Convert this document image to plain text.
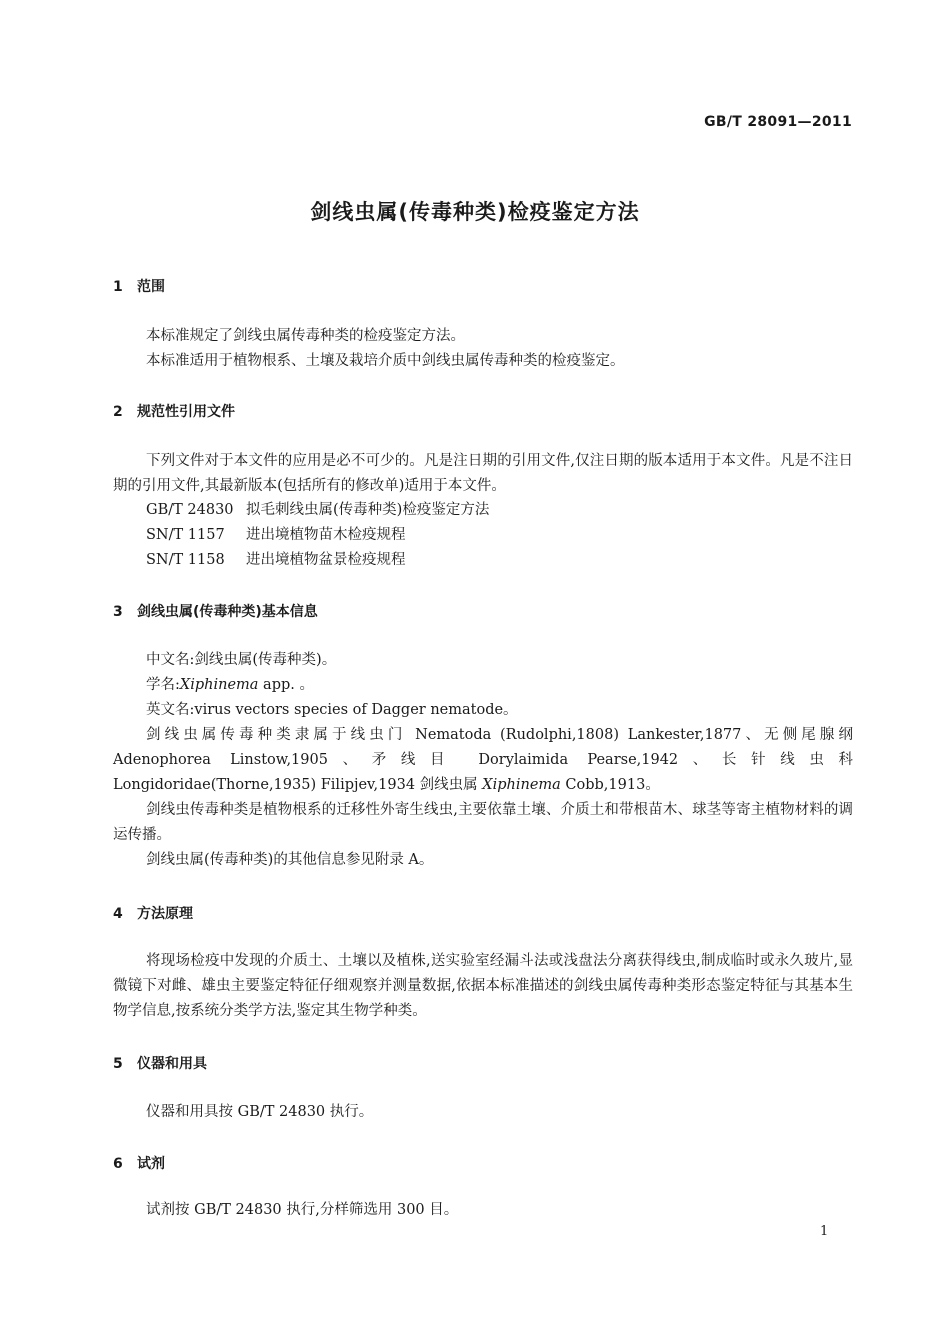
GB/T 28091—2011
剑线虫属(传毒种类)检疫鉴定方法
1 范围
本标准规定了剑线虫属传毒种类的检疫鉴定方法。
本标准适用于植物根系、土壤及栽培介质中剑线虫属传毒种类的检疫鉴定。
2 规范性引用文件
下列文件对于本文件的应用是必不可少的。凡是注日期的引用文件,仅注日期的版本适用于本文件。凡是不注日期的引用文件,其最新版本(包括所有的修改单)适用于本文件。
GB/T 24830 拟毛刺线虫属(传毒种类)检疫鉴定方法
SN/T 1157 进出境植物苗木检疫规程
SN/T 1158 进出境植物盆景检疫规程
3 剑线虫属(传毒种类)基本信息
中文名:剑线虫属(传毒种类)。
学名:Xiphinema app. 。
英文名:virus vectors species of Dagger nematode。
剑线虫属传毒种类隶属于线虫门 Nematoda (Rudolphi,1808) Lankester,1877、无侧尾腺纲 Adenophorea Linstow,1905、矛线目 Dorylaimida Pearse,1942、长针线虫科 Longidoridae(Thorne,1935) Filipjev,1934 剑线虫属 Xiphinema Cobb,1913。
剑线虫传毒种类是植物根系的迁移性外寄生线虫,主要依靠土壤、介质土和带根苗木、球茎等寄主植物材料的调运传播。
剑线虫属(传毒种类)的其他信息参见附录 A。
4 方法原理
将现场检疫中发现的介质土、土壤以及植株,送实验室经漏斗法或浅盘法分离获得线虫,制成临时或永久玻片,显微镜下对雌、雄虫主要鉴定特征仔细观察并测量数据,依据本标准描述的剑线虫属传毒种类形态鉴定特征与其基本生物学信息,按系统分类学方法,鉴定其生物学种类。
5 仪器和用具
仪器和用具按 GB/T 24830 执行。
6 试剂
试剂按 GB/T 24830 执行,分样筛选用 300 目。
1
